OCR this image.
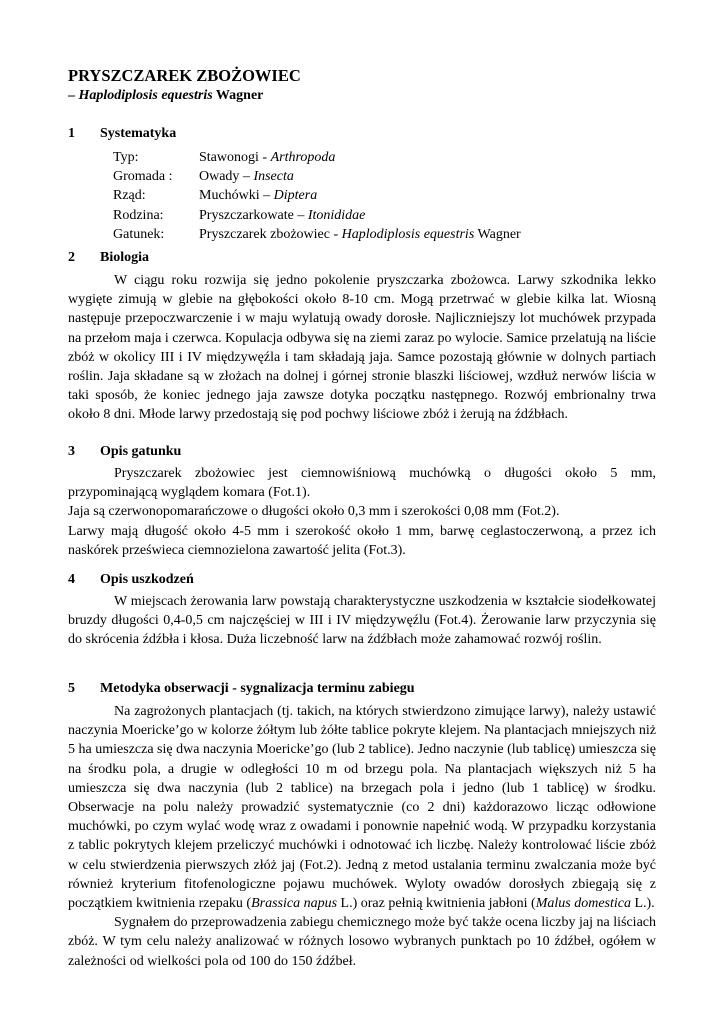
PRYSZCZAREK ZBOŻOWIEC
– Haplodiplosis equestris Wagner
1 Systematyka
Typ:	Stawonogi - Arthropoda
Gromada :	Owady – Insecta
Rząd:	Muchówki – Diptera
Rodzina:	Pryszczarkowate – Itonididae
Gatunek:	Pryszczarek zbożowiec - Haplodiplosis equestris Wagner
2 Biologia

W ciągu roku rozwija się jedno pokolenie pryszczarka zbożowca. Larwy szkodnika lekko wygięte zimują w glebie na głębokości około 8-10 cm. Mogą przetrwać w glebie kilka lat. Wiosną następuje przepoczwarczenie i w maju wylatują owady dorosłe. Najliczniejszy lot muchówek przypada na przełom maja i czerwca. Kopulacja odbywa się na ziemi zaraz po wylocie. Samice przelatują na liście zbóż w okolicy III i IV międzywęźla i tam składają jaja. Samce pozostają głównie w dolnych partiach roślin. Jaja składane są w złożach na dolnej i górnej stronie blaszki liściowej, wzdłuż nerwów liścia w taki sposób, że koniec jednego jaja zawsze dotyka początku następnego. Rozwój embrionalny trwa około 8 dni. Młode larwy przedostają się pod pochwy liściowe zbóż i żerują na źdźbłach.

3 Opis gatunku

Pryszczarek zbożowiec jest ciemnowiśniową muchówką o długości około 5 mm, przypominającą wyglądem komara (Fot.1).

Jaja są czerwonopomarańczowe o długości około 0,3 mm i szerokości 0,08 mm (Fot.2).

Larwy mają długość około 4-5 mm i szerokość około 1 mm, barwę ceglastoczerwoną, a przez ich naskórek prześwieca ciemnozielona zawartość jelita (Fot.3).

4 Opis uszkodzeń

W miejscach żerowania larw powstają charakterystyczne uszkodzenia w kształcie siodełkowatej bruzdy długości 0,4-0,5 cm najczęściej w III i IV międzywęźlu (Fot.4). Żerowanie larw przyczynia się do skrócenia źdźbła i kłosa. Duża liczebność larw na źdźbłach może zahamować rozwój roślin.

5 Metodyka obserwacji - sygnalizacja terminu zabiegu

Na zagrożonych plantacjach (tj. takich, na których stwierdzono zimujące larwy), należy ustawić naczynia Moericke’go w kolorze żółtym lub żółte tablice pokryte klejem. Na plantacjach mniejszych niż 5 ha umieszcza się dwa naczynia Moericke’go (lub 2 tablice). Jedno naczynie (lub tablicę) umieszcza się na środku pola, a drugie w odległości 10 m od brzegu pola. Na plantacjach większych niż 5 ha umieszcza się dwa naczynia (lub 2 tablice) na brzegach pola i jedno (lub 1 tablicę) w środku. Obserwacje na polu należy prowadzić systematycznie (co 2 dni) każdorazowo licząc odłowione muchówki, po czym wylać wodę wraz z owadami i ponownie napełnić wodą. W przypadku korzystania z tablic pokrytych klejem przeliczyć muchówki i odnotować ich liczbę. Należy kontrolować liście zbóż w celu stwierdzenia pierwszych złóż jaj (Fot.2). Jedną z metod ustalania terminu zwalczania może być również kryterium fitofenologiczne pojawu muchówek. Wyloty owadów dorosłych zbiegają się z początkiem kwitnienia rzepaku (Brassica napus L.) oraz pełnią kwitnienia jabłoni (Malus domestica L.).

Sygnałem do przeprowadzenia zabiegu chemicznego może być także ocena liczby jaj na liściach zbóż. W tym celu należy analizować w różnych losowo wybranych punktach po 10 źdźbeł, ogółem w zależności od wielkości pola od 100 do 150 źdźbeł.
